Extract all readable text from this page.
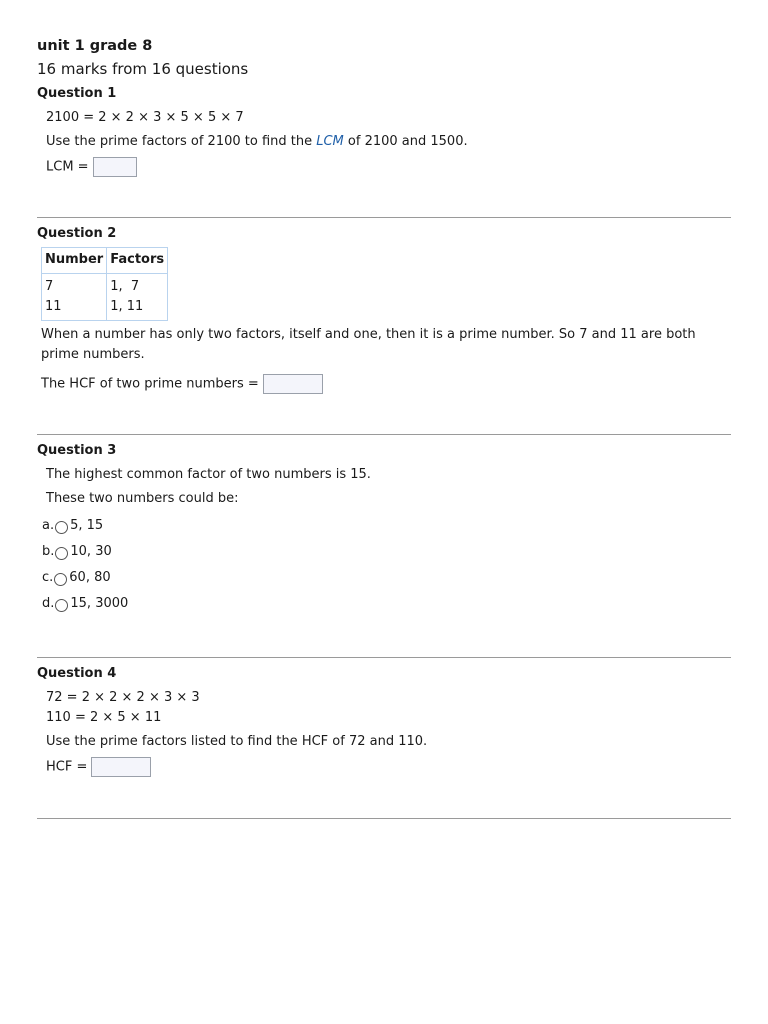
unit 1 grade 8

16 marks from 16 questions

Question 1

2100 = 2 × 2 × 3 × 5 × 5 × 7

Use the prime factors of 2100 to find the LCM of 2100 and 1500.

LCM =

Question 2

Number	Factors
7	1,  7
11	1, 11

When a number has only two factors, itself and one, then it is a prime number. So 7 and 11 are both prime numbers.

The HCF of two prime numbers =

Question 3

The highest common factor of two numbers is 15.

These two numbers could be:

a. 5, 15
b. 10, 30
c. 60, 80
d. 15, 3000

Question 4

72 = 2 × 2 × 2 × 3 × 3

110 = 2 × 5 × 11

Use the prime factors listed to find the HCF of 72 and 110.

HCF =
